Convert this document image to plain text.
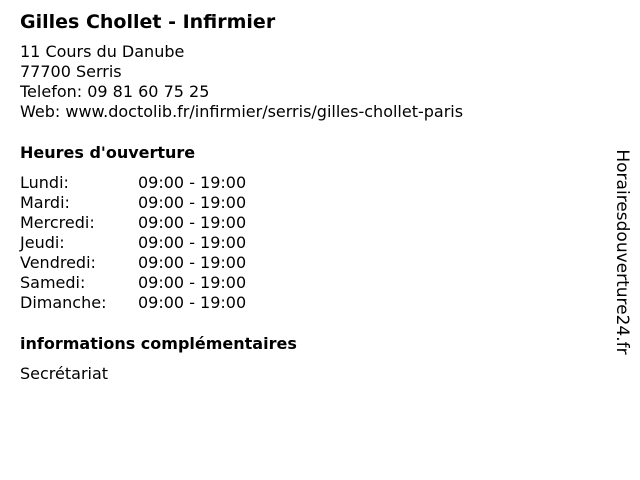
Gilles Chollet - Infirmier
11 Cours du Danube
77700 Serris
Telefon: 09 81 60 75 25
Web: www.doctolib.fr/infirmier/serris/gilles-chollet-paris
Heures d'ouverture
Lundi:	09:00 - 19:00
Mardi:	09:00 - 19:00
Mercredi:	09:00 - 19:00
Jeudi:	09:00 - 19:00
Vendredi:	09:00 - 19:00
Samedi:	09:00 - 19:00
Dimanche:	09:00 - 19:00
informations complémentaires
Secrétariat
Horairesdouverture24.fr
